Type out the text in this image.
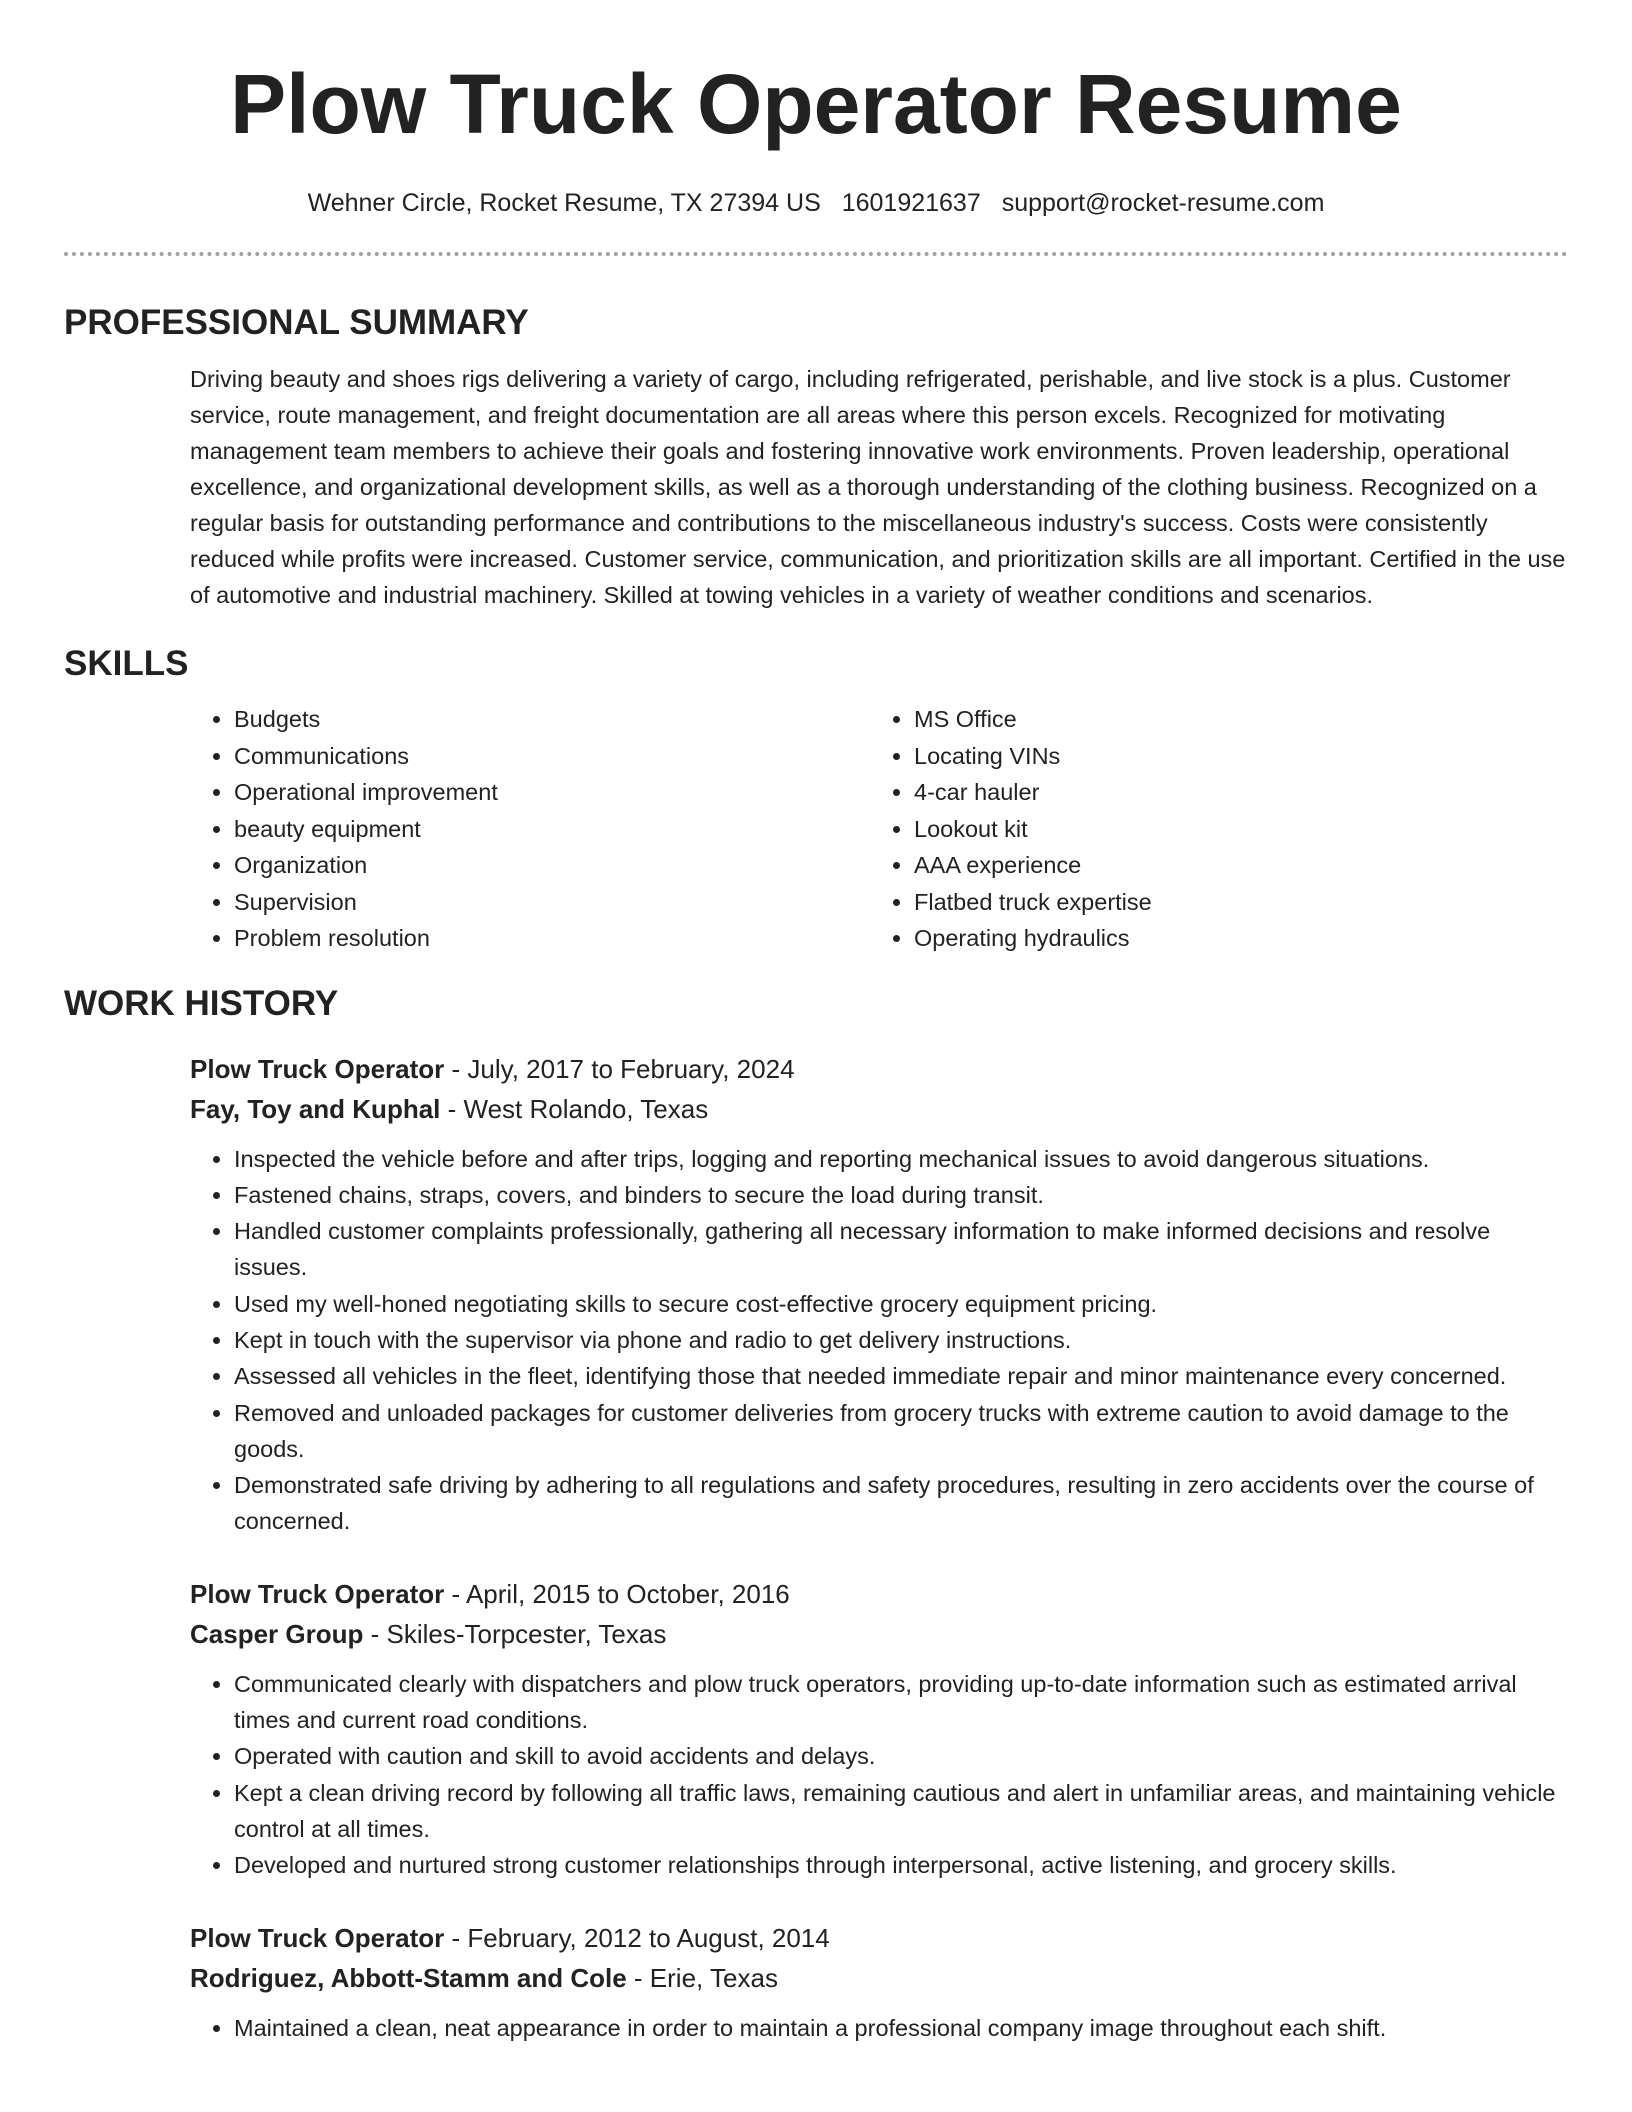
Plow Truck Operator Resume
Wehner Circle, Rocket Resume, TX 27394 US 1601921637 support@rocket-resume.com
PROFESSIONAL SUMMARY

Driving beauty and shoes rigs delivering a variety of cargo, including refrigerated, perishable, and live stock is a plus. Customer service, route management, and freight documentation are all areas where this person excels. Recognized for motivating management team members to achieve their goals and fostering innovative work environments. Proven leadership, operational excellence, and organizational development skills, as well as a thorough understanding of the clothing business. Recognized on a regular basis for outstanding performance and contributions to the miscellaneous industry's success. Costs were consistently reduced while profits were increased. Customer service, communication, and prioritization skills are all important. Certified in the use of automotive and industrial machinery. Skilled at towing vehicles in a variety of weather conditions and scenarios.

SKILLS
• Budgets
• Communications
• Operational improvement
• beauty equipment
• Organization
• Supervision
• Problem resolution
• MS Office
• Locating VINs
• 4-car hauler
• Lookout kit
• AAA experience
• Flatbed truck expertise
• Operating hydraulics
WORK HISTORY

Plow Truck Operator - July, 2017 to February, 2024

Fay, Toy and Kuphal - West Rolando, Texas

• Inspected the vehicle before and after trips, logging and reporting mechanical issues to avoid dangerous situations.
• Fastened chains, straps, covers, and binders to secure the load during transit.
• Handled customer complaints professionally, gathering all necessary information to make informed decisions and resolve issues.
• Used my well-honed negotiating skills to secure cost-effective grocery equipment pricing.
• Kept in touch with the supervisor via phone and radio to get delivery instructions.
• Assessed all vehicles in the fleet, identifying those that needed immediate repair and minor maintenance every concerned.
• Removed and unloaded packages for customer deliveries from grocery trucks with extreme caution to avoid damage to the goods.
• Demonstrated safe driving by adhering to all regulations and safety procedures, resulting in zero accidents over the course of concerned.

Plow Truck Operator - April, 2015 to October, 2016

Casper Group - Skiles-Torpcester, Texas

• Communicated clearly with dispatchers and plow truck operators, providing up-to-date information such as estimated arrival times and current road conditions.
• Operated with caution and skill to avoid accidents and delays.
• Kept a clean driving record by following all traffic laws, remaining cautious and alert in unfamiliar areas, and maintaining vehicle control at all times.
• Developed and nurtured strong customer relationships through interpersonal, active listening, and grocery skills.

Plow Truck Operator - February, 2012 to August, 2014

Rodriguez, Abbott-Stamm and Cole - Erie, Texas

• Maintained a clean, neat appearance in order to maintain a professional company image throughout each shift.
